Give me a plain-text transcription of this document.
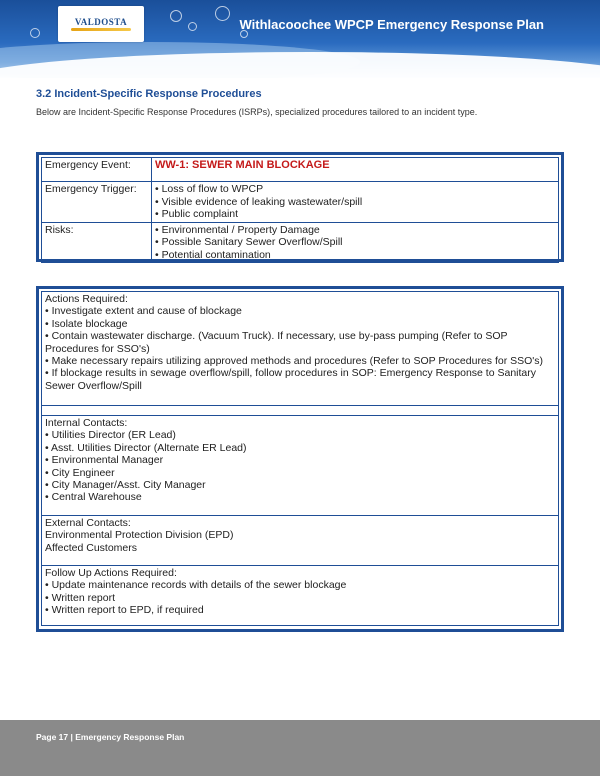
VALDOSTA	Withlacoochee WPCP Emergency Response Plan
3.2 Incident-Specific Response Procedures
Below are Incident-Specific Response Procedures (ISRPs), specialized procedures tailored to an incident type.
Emergency Event:	WW-1: SEWER MAIN BLOCKAGE
Emergency Trigger:	• Loss of flow to WPCP
• Visible evidence of leaking wastewater/spill
• Public complaint

Risks:	• Environmental / Property Damage
• Possible Sanitary Sewer Overflow/Spill
• Potential contamination
Actions Required:
• Investigate extent and cause of blockage
• Isolate blockage
• Contain wastewater discharge. (Vacuum Truck). If necessary, use by-pass pumping (Refer to SOP
Procedures for SSO's)
• Make necessary repairs utilizing approved methods and procedures (Refer to SOP Procedures for SSO's)
• If blockage results in sewage overflow/spill, follow procedures in SOP: Emergency Response to Sanitary
Sewer Overflow/Spill

Internal Contacts:
• Utilities Director (ER Lead)
• Asst. Utilities Director (Alternate ER Lead)
• Environmental Manager
• City Engineer
• City Manager/Asst. City Manager
• Central Warehouse

External Contacts:
Environmental Protection Division (EPD)
Affected Customers

Follow Up Actions Required:
• Update maintenance records with details of the sewer blockage
• Written report
• Written report to EPD, if required
Page 17 | Emergency Response Plan
